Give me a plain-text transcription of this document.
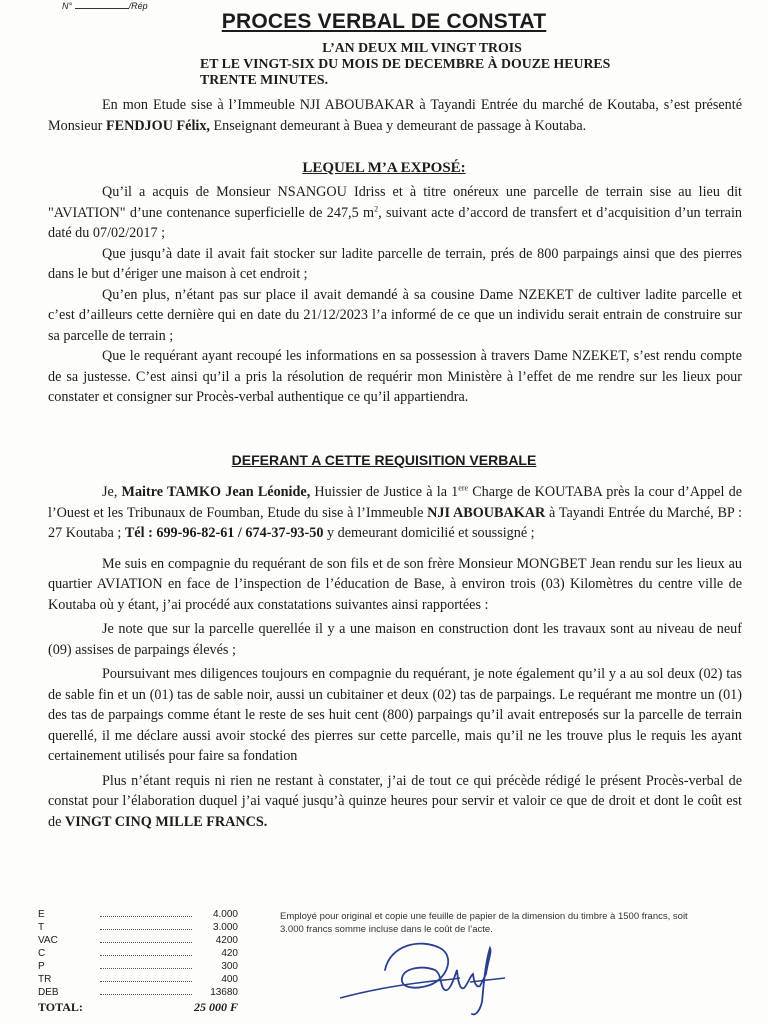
N°	/Rép
PROCES VERBAL DE CONSTAT
L’AN DEUX MIL VINGT TROIS
ET LE VINGT-SIX DU MOIS DE DECEMBRE À DOUZE HEURES
TRENTE MINUTES.

En mon Etude sise à l’Immeuble NJI ABOUBAKAR à Tayandi Entrée du marché de Koutaba, s’est présenté Monsieur FENDJOU Félix, Enseignant demeurant à Buea y demeurant de passage à Koutaba.

LEQUEL M’A EXPOSÉ:

Qu’il a acquis de Monsieur NSANGOU Idriss et à titre onéreux une parcelle de terrain sise au lieu dit "AVIATION" d’une contenance superficielle de 247,5 $m^2$, suivant acte d’accord de transfert et d’acquisition d’un terrain daté du 07/02/2017 ;

Que jusqu’à date il avait fait stocker sur ladite parcelle de terrain, prés de 800 parpaings ainsi que des pierres dans le but d’ériger une maison à cet endroit ;

Qu’en plus, n’étant pas sur place il avait demandé à sa cousine Dame NZEKET de cultiver ladite parcelle et c’est d’ailleurs cette dernière qui en date du 21/12/2023 l’a informé de ce que un individu serait entrain de construire sur sa parcelle de terrain ;

Que le requérant ayant recoupé les informations en sa possession à travers Dame NZEKET, s’est rendu compte de sa justesse. C’est ainsi qu’il a pris la résolution de requérir mon Ministère à l’effet de me rendre sur les lieux pour constater et consigner sur Procès-verbal authentique ce qu’il appartiendra.

DEFERANT A CETTE REQUISITION VERBALE

Je, Maitre TAMKO Jean Léonide, Huissier de Justice à la 1ere Charge de KOUTABA près la cour d’Appel de l’Ouest et les Tribunaux de Foumban, Etude du sise à l’Immeuble NJI ABOUBAKAR à Tayandi Entrée du Marché, BP : 27 Koutaba ; Tél : 699-96-82-61 / 674-37-93-50 y demeurant domicilié et soussigné ;

Me suis en compagnie du requérant de son fils et de son frère Monsieur MONGBET Jean rendu sur les lieux au quartier AVIATION en face de l’inspection de l’éducation de Base, à environ trois (03) Kilomètres du centre ville de Koutaba où y étant, j’ai procédé aux constatations suivantes ainsi rapportées :

Je note que sur la parcelle querellée il y a une maison en construction dont les travaux sont au niveau de neuf (09) assises de parpaings élevés ;

Poursuivant mes diligences toujours en compagnie du requérant, je note également qu’il y a au sol deux (02) tas de sable fin et un (01) tas de sable noir, aussi un cubitainer et deux (02) tas de parpaings. Le requérant me montre un (01) des tas de parpaings comme étant le reste de ses huit cent (800) parpaings qu’il avait entreposés sur la parcelle de terrain querellé, il me déclare aussi avoir stocké des pierres sur cette parcelle, mais qu’il ne les trouve plus le requis les ayant certainement utilisés pour faire sa fondation

Plus n’étant requis ni rien ne restant à constater, j’ai de tout ce qui précède rédigé le présent Procès-verbal de constat pour l’élaboration duquel j’ai vaqué jusqu’à quinze heures pour servir et valoir ce que de droit et dont le coût est de VINGT CINQ MILLE FRANCS.

E	4.000
T	3.000
VAC	4200
C	420
P	300
TR	400
DEB	13680
TOTAL:	25 000 F
Employé pour original et copie une feuille de papier de la dimension du timbre à 1500 francs, soit 3.000 francs somme incluse dans le coût de l’acte.
